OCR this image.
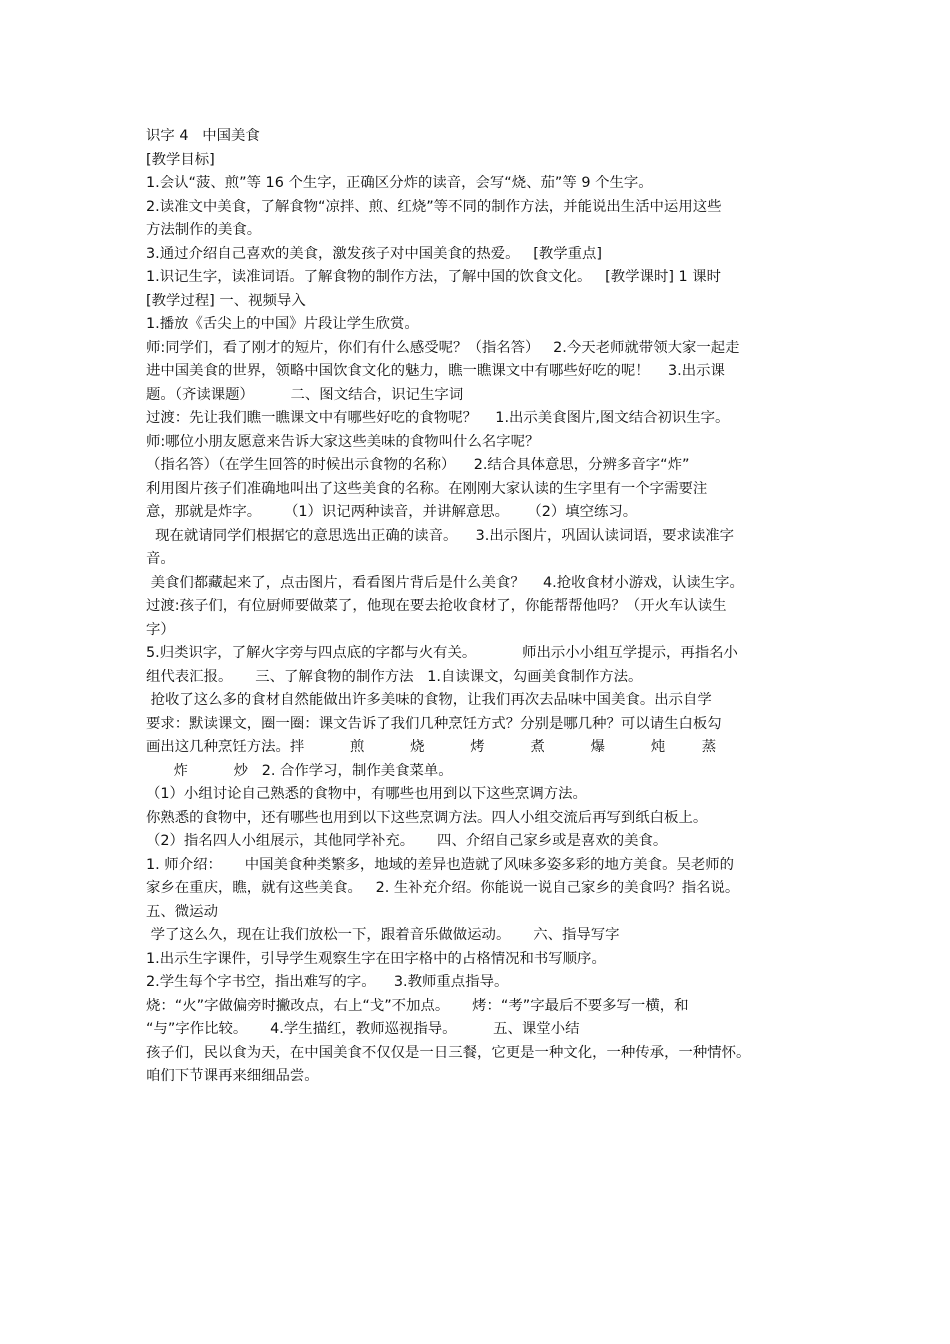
识字 4   中国美食
[教学目标]
1.会认“菠、煎”等 16 个生字，正确区分炸的读音，会写“烧、茄”等 9 个生字。
2.读准文中美食，了解食物“凉拌、煎、红烧”等不同的制作方法，并能说出生活中运用这些
方法制作的美食。
3.通过介绍自己喜欢的美食，激发孩子对中国美食的热爱。   [教学重点]
1.识记生字，读准词语。了解食物的制作方法，了解中国的饮食文化。   [教学课时] 1 课时
[教学过程] 一、视频导入
1.播放《舌尖上的中国》片段让学生欣赏。
师:同学们，看了刚才的短片，你们有什么感受呢？（指名答）   2.今天老师就带领大家一起走
进中国美食的世界，领略中国饮食文化的魅力，瞧一瞧课文中有哪些好吃的呢！    3.出示课
题。（齐读课题）        二、图文结合，识记生字词
过渡：先让我们瞧一瞧课文中有哪些好吃的食物呢？    1.出示美食图片,图文结合初识生字。
师:哪位小朋友愿意来告诉大家这些美味的食物叫什么名字呢？
（指名答）（在学生回答的时候出示食物的名称）    2.结合具体意思，分辨多音字“炸”
利用图片孩子们准确地叫出了这些美食的名称。在刚刚大家认读的生字里有一个字需要注
意，那就是炸字。     （1）识记两种读音，并讲解意思。    （2）填空练习。
现在就请同学们根据它的意思选出正确的读音。    3.出示图片，巩固认读词语，要求读准字
音。
美食们都藏起来了，点击图片，看看图片背后是什么美食？    4.抢收食材小游戏，认读生字。
过渡:孩子们，有位厨师要做菜了，他现在要去抢收食材了，你能帮帮他吗？（开火车认读生
字）
5.归类识字，了解火字旁与四点底的字都与火有关。          师出示小小组互学提示，再指名小
组代表汇报。     三、了解食物的制作方法   1.自读课文，勾画美食制作方法。
抢收了这么多的食材自然能做出许多美味的食物，让我们再次去品味中国美食。出示自学
要求：默读课文，圈一圈：课文告诉了我们几种烹饪方式？分别是哪几种？可以请生白板勾
画出这几种烹饪方法。拌          煎          烧          烤          煮          爆          炖        蒸
炸          炒   2. 合作学习，制作美食菜单。
（1）小组讨论自己熟悉的食物中，有哪些也用到以下这些烹调方法。
你熟悉的食物中，还有哪些也用到以下这些烹调方法。四人小组交流后再写到纸白板上。
（2）指名四人小组展示，其他同学补充。     四、介绍自己家乡或是喜欢的美食。
1. 师介绍：     中国美食种类繁多，地域的差异也造就了风味多姿多彩的地方美食。吴老师的
家乡在重庆，瞧，就有这些美食。   2. 生补充介绍。你能说一说自己家乡的美食吗？指名说。
五、微运动
学了这么久，现在让我们放松一下，跟着音乐做做运动。     六、指导写字
1.出示生字课件，引导学生观察生字在田字格中的占格情况和书写顺序。
2.学生每个字书空，指出难写的字。    3.教师重点指导。
烧：“火”字做偏旁时撇改点，右上“戈”不加点。     烤：“考”字最后不要多写一横，和
“与”字作比较。     4.学生描红，教师巡视指导。        五、课堂小结
孩子们，民以食为天，在中国美食不仅仅是一日三餐，它更是一种文化，一种传承，一种情怀。
咱们下节课再来细细品尝。
